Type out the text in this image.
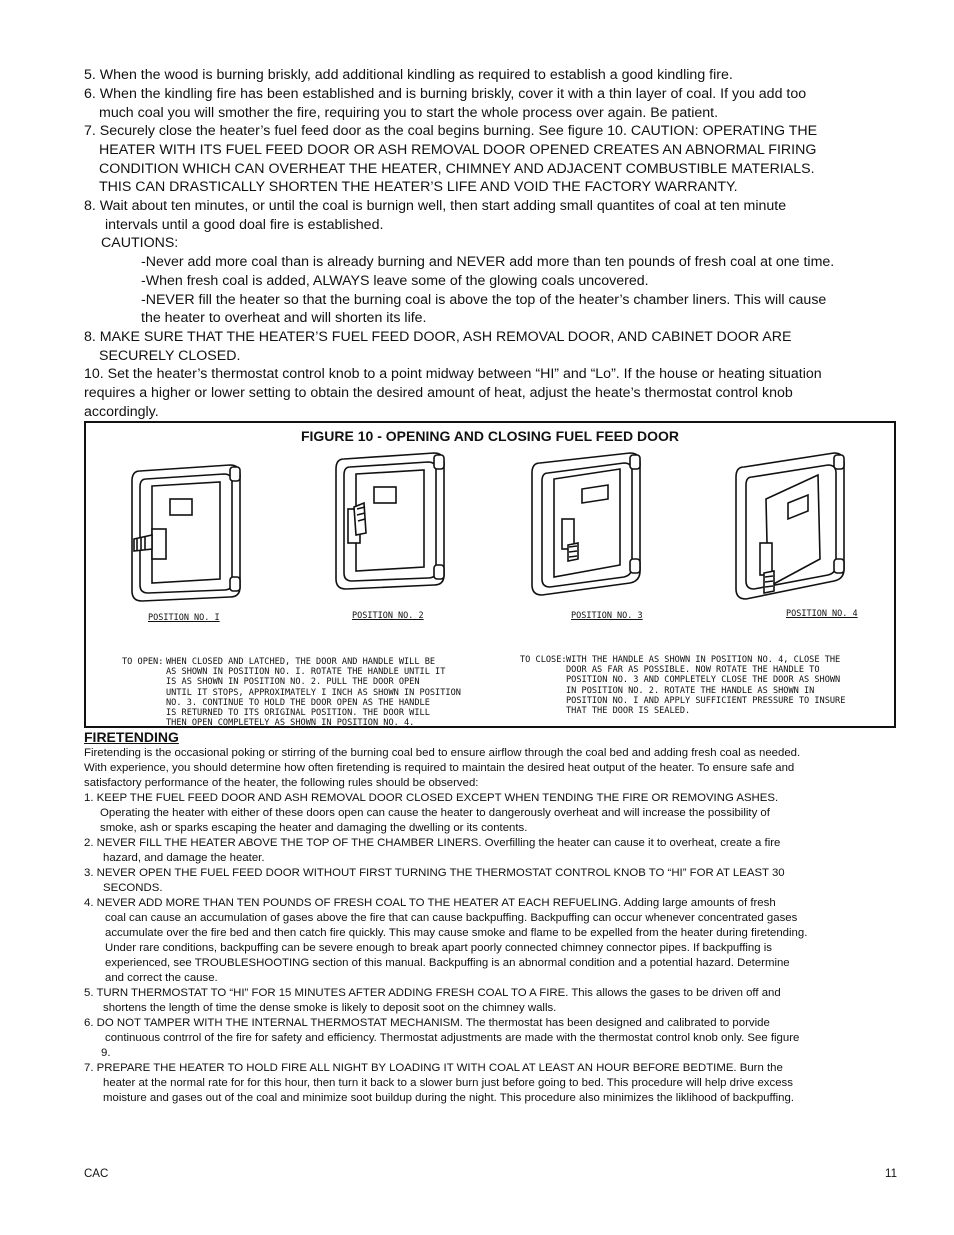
5. When the wood is burning briskly, add additional kindling as required to establish a good kindling fire.

6. When the kindling fire has been established and is burning briskly, cover it with a thin layer of coal. If you add too

much coal you will smother the fire, requiring you to start the whole process over again. Be patient.

7. Securely close the heater’s fuel feed door as the coal begins burning. See figure 10. CAUTION: OPERATING THE

HEATER WITH ITS FUEL FEED DOOR OR ASH REMOVAL DOOR OPENED CREATES AN ABNORMAL FIRING

CONDITION WHICH CAN OVERHEAT THE HEATER, CHIMNEY AND ADJACENT COMBUSTIBLE MATERIALS.

THIS CAN DRASTICALLY SHORTEN THE HEATER’S LIFE AND VOID THE FACTORY WARRANTY.

8. Wait about ten minutes, or until the coal is burnign well, then start adding small quantites of coal at ten minute

intervals until a good doal fire is established.

CAUTIONS:

-Never add more coal than is already burning and NEVER add more than ten pounds of fresh coal at one time.

-When fresh coal is added, ALWAYS leave some of the glowing coals uncovered.

-NEVER fill the heater so that the burning coal is above the top of the heater’s chamber liners. This will cause

the heater to overheat and will shorten its life.

8. MAKE SURE THAT THE HEATER’S FUEL FEED DOOR, ASH REMOVAL DOOR, AND CABINET DOOR ARE

SECURELY CLOSED.

10. Set the heater’s thermostat control knob to a point midway between “HI” and “Lo”. If the house or heating situation

requires a higher or lower setting to obtain the desired amount of heat, adjust the heate’s thermostat control knob

accordingly.

FIGURE 10 - OPENING AND CLOSING FUEL FEED DOOR
POSITION NO. I	POSITION NO. 2	POSITION NO. 3	POSITION NO. 4
TO OPEN: WHEN CLOSED AND LATCHED, THE DOOR AND HANDLE WILL BE
AS SHOWN IN POSITION NO. I. ROTATE THE HANDLE UNTIL IT
IS AS SHOWN IN POSITION NO. 2. PULL THE DOOR OPEN
UNTIL IT STOPS, APPROXIMATELY I INCH AS SHOWN IN POSITION
NO. 3. CONTINUE TO HOLD THE DOOR OPEN AS THE HANDLE
IS RETURNED TO ITS ORIGINAL POSITION. THE DOOR WILL
THEN OPEN COMPLETELY AS SHOWN IN POSITION NO. 4.
TO CLOSE: WITH THE HANDLE AS SHOWN IN POSITION NO. 4, CLOSE THE
DOOR AS FAR AS POSSIBLE. NOW ROTATE THE HANDLE TO
POSITION NO. 3 AND COMPLETELY CLOSE THE DOOR AS SHOWN
IN POSITION NO. 2. ROTATE THE HANDLE AS SHOWN IN
POSITION NO. I AND APPLY SUFFICIENT PRESSURE TO INSURE
THAT THE DOOR IS SEALED.
FIRETENDING

Firetending is the occasional poking or stirring of the burning coal bed to ensure airflow through the coal bed and adding fresh coal as needed.

With experience, you should determine how often firetending is required to maintain the desired heat output of the heater. To ensure safe and

satisfactory performance of the heater, the following rules should be observed:

1. KEEP THE FUEL FEED DOOR AND ASH REMOVAL DOOR CLOSED EXCEPT WHEN TENDING THE FIRE OR REMOVING ASHES.

Operating the heater with either of these doors open can cause the heater to dangerously overheat and will increase the possibility of

smoke, ash or sparks escaping the heater and damaging the dwelling or its contents.

2. NEVER FILL THE HEATER ABOVE THE TOP OF THE CHAMBER LINERS. Overfilling the heater can cause it to overheat, create a fire

hazard, and damage the heater.

3. NEVER OPEN THE FUEL FEED DOOR WITHOUT FIRST TURNING THE THERMOSTAT CONTROL KNOB TO “HI” FOR AT LEAST 30

SECONDS.

4. NEVER ADD MORE THAN TEN POUNDS OF FRESH COAL TO THE HEATER AT EACH REFUELING. Adding large amounts of fresh

coal can cause an accumulation of gases above the fire that can cause backpuffing. Backpuffing can occur whenever concentrated gases

accumulate over the fire bed and then catch fire quickly. This may cause smoke and flame to be expelled from the heater during firetending.

Under rare conditions, backpuffing can be severe enough to break apart poorly connected chimney connector pipes. If backpuffing is

experienced, see TROUBLESHOOTING section of this manual. Backpuffing is an abnormal condition and a potential hazard. Determine

and correct the cause.

5. TURN THERMOSTAT TO “HI” FOR 15 MINUTES AFTER ADDING FRESH COAL TO A FIRE. This allows the gases to be driven off and

shortens the length of time the dense smoke is likely to deposit soot on the chimney walls.

6. DO NOT TAMPER WITH THE INTERNAL THERMOSTAT MECHANISM. The thermostat has been designed and calibrated to porvide

continuous contrrol of the fire for safety and efficiency. Thermostat adjustments are made with the thermostat control knob only. See figure

9.

7. PREPARE THE HEATER TO HOLD FIRE ALL NIGHT BY LOADING IT WITH COAL AT LEAST AN HOUR BEFORE BEDTIME. Burn the

heater at the normal rate for for this hour, then turn it back to a slower burn just before going to bed. This procedure will help drive excess

moisture and gases out of the coal and minimize soot buildup during the night. This procedure also minimizes the liklihood of backpuffing.

CAC	11
